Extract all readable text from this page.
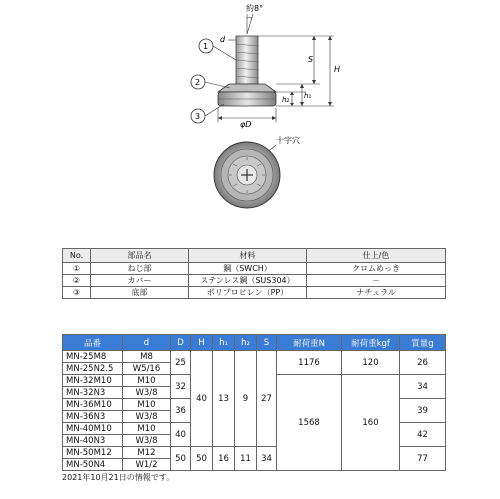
約8°
d
S
H
h₁
h₂
φD
1
2
3
十字穴
No.	部品名	材料	仕上/色
①	ねじ部	鋼（SWCH）	クロムめっき
②	カバー	ステンレス鋼（SUS304）	－
③	底部	ポリプロピレン（PP）	ナチュラル
品番	d	D	H	h₁	h₂	S	耐荷重N	耐荷重kgf	質量g
MN-25M8	M8	25	40	13	9	27	1176	120	26
MN-25N2.5	W5/16								
MN-32M10	M10	32					1568	160	34
MN-32N3	W3/8								
MN-36M10	M10	36							39
MN-36N3	W3/8								
MN-40M10	M10	40							42
MN-40N3	W3/8								
MN-50M12	M12	50	50	16	11	34			77
MN-50N4	W1/2								
2021年10月21日の情報です。
